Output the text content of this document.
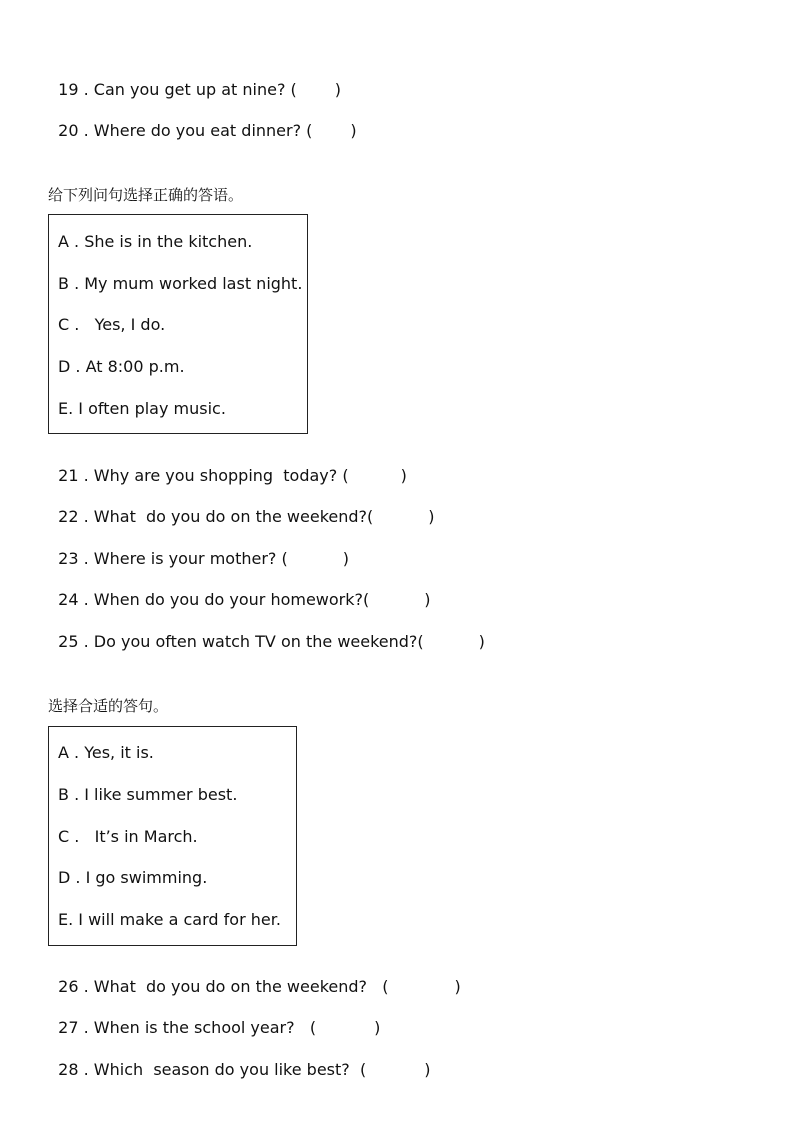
19 . Can you get up at nine? ( )

20 . Where do you eat dinner? ( )

给下列问句选择正确的答语。
A . She is in the kitchen.
B . My mum worked last night.
C .   Yes, I do.
D . At 8:00 p.m.
E. I often play music.

21 . Why are you shopping  today? (	)

22 . What  do you do on the weekend?(	)

23 . Where is your mother? (	)

24 . When do you do your homework?(	)

25 . Do you often watch TV on the weekend?(	)

选择合适的答句。
A . Yes, it is.
B . I like summer best.
C .   It’s in March.
D . I go swimming.
E. I will make a card for her.

26 . What  do you do on the weekend? (	)

27 . When is the school year? (	)

28 . Which  season do you like best? (	)
